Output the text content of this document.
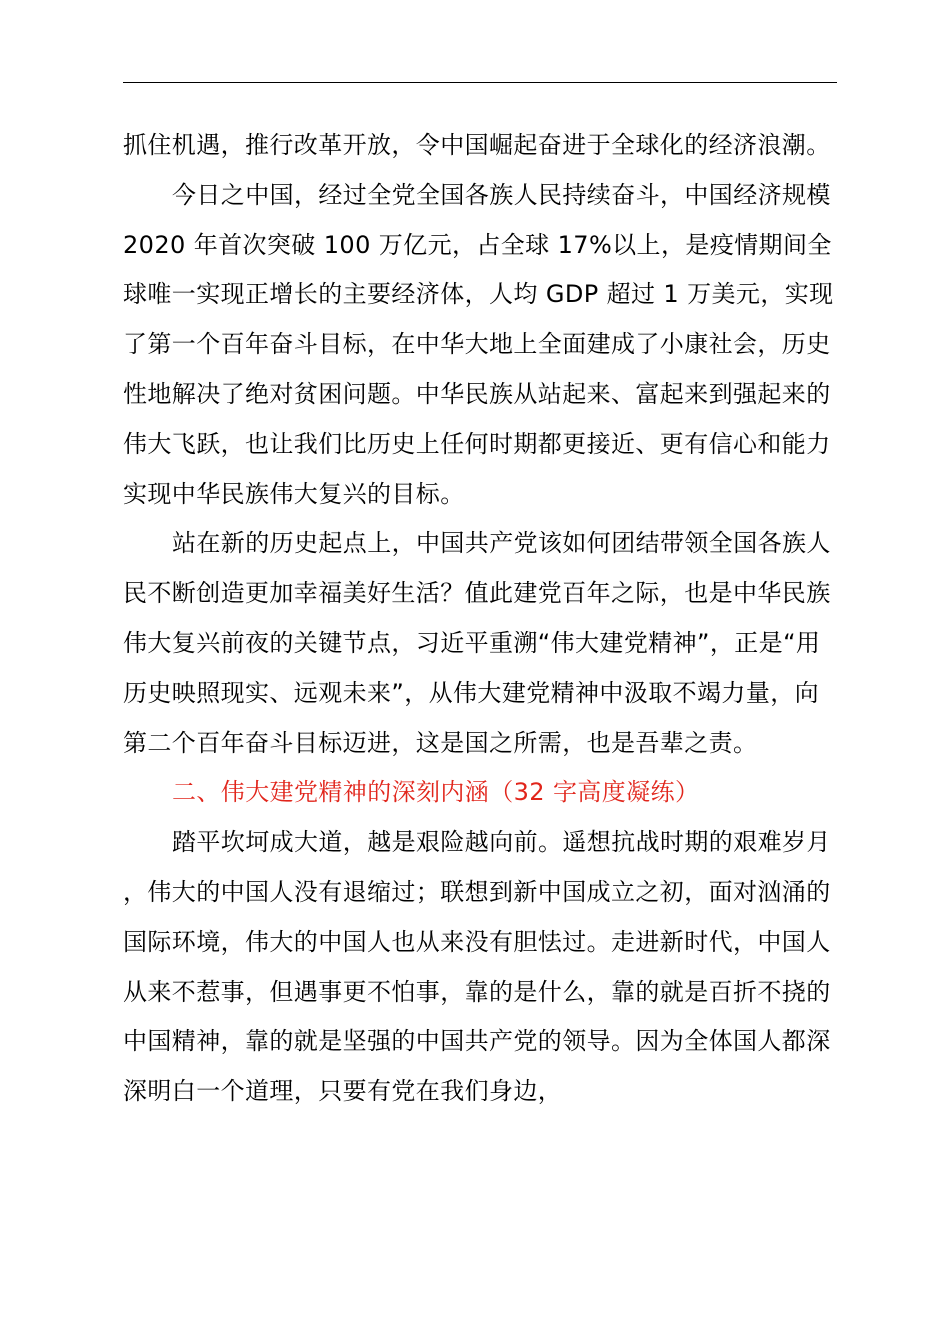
抓住机遇，推行改革开放，令中国崛起奋进于全球化的经济浪潮。

今日之中国，经过全党全国各族人民持续奋斗，中国经济规模 2020 年首次突破 100 万亿元，占全球 17%以上，是疫情期间全球唯一实现正增长的主要经济体，人均 GDP 超过 1 万美元，实现了第一个百年奋斗目标，在中华大地上全面建成了小康社会，历史性地解决了绝对贫困问题。中华民族从站起来、富起来到强起来的伟大飞跃，也让我们比历史上任何时期都更接近、更有信心和能力实现中华民族伟大复兴的目标。

站在新的历史起点上，中国共产党该如何团结带领全国各族人民不断创造更加幸福美好生活？值此建党百年之际，也是中华民族伟大复兴前夜的关键节点，习近平重溯“伟大建党精神”，正是“用历史映照现实、远观未来”，从伟大建党精神中汲取不竭力量，向第二个百年奋斗目标迈进，这是国之所需，也是吾辈之责。

二、伟大建党精神的深刻内涵（32 字高度凝练）

踏平坎坷成大道，越是艰险越向前。遥想抗战时期的艰难岁月，伟大的中国人没有退缩过；联想到新中国成立之初，面对汹涌的国际环境，伟大的中国人也从来没有胆怯过。走进新时代，中国人从来不惹事，但遇事更不怕事，靠的是什么，靠的就是百折不挠的中国精神，靠的就是坚强的中国共产党的领导。因为全体国人都深深明白一个道理，只要有党在我们身边，
